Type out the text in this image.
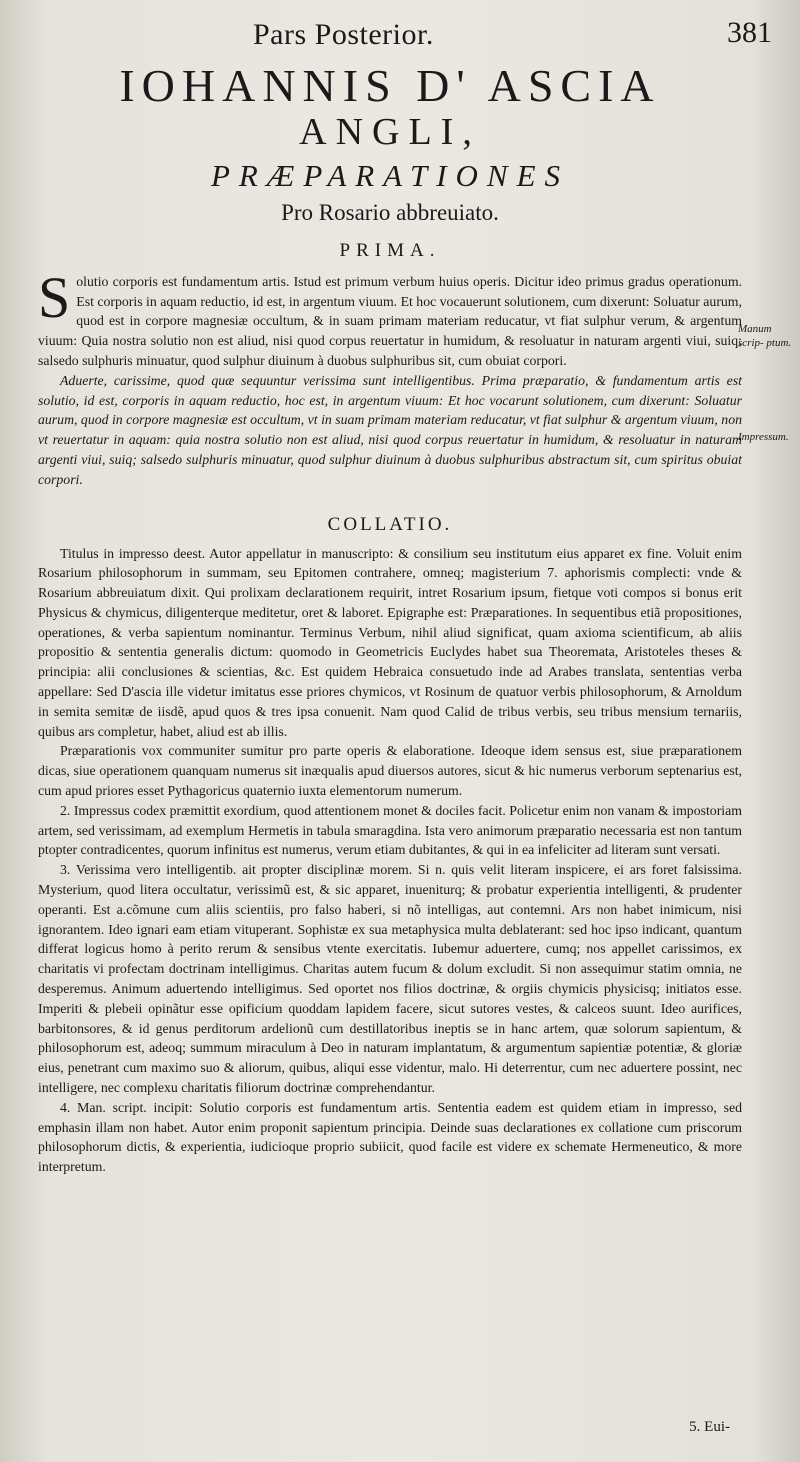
Pars Posterior.	381
IOHANNIS D' ASCIA
ANGLI,
PRÆPARATIONES
Pro Rosario abbreuiato.
PRIMA.

Solutio corporis est fundamentum artis. Istud est primum verbum huius operis. Dicitur ideo primus gradus operationum. Est corporis in aquam reductio, id est, in argentum viuum. Et hoc vocauerunt solutionem, cum dixerunt: Soluatur aurum, quod est in corpore magnesiæ occultum, & in suam primam materiam reducatur, vt fiat sulphur verum, & argentum viuum: Quia nostra solutio non est aliud, nisi quod corpus reuertatur in humidum, & resoluatur in naturam argenti viui, suiq; salsedo sulphuris minuatur, quod sulphur diuinum à duobus sulphuribus sit, cum obuiat corpori.

Aduerte, carissime, quod quæ sequuntur verissima sunt intelligentibus. Prima præparatio, & fundamentum artis est solutio, id est, corporis in aquam reductio, hoc est, in argentum viuum: Et hoc vocarunt solutionem, cum dixerunt: Soluatur aurum, quod in corpore magnesiæ est occultum, vt in suam primam materiam reducatur, vt fiat sulphur & argentum viuum, non vt reuertatur in aquam: quia nostra solutio non est aliud, nisi quod corpus reuertatur in humidum, & resoluatur in naturam argenti viui, suiq; salsedo sulphuris minuatur, quod sulphur diuinum à duobus sulphuribus abstractum sit, cum spiritus obuiat corpori.

Manum scrip- ptum.
Impressum.
COLLATIO.

Titulus in impresso deest. Autor appellatur in manuscripto: & consilium seu institutum eius apparet ex fine. Voluit enim Rosarium philosophorum in summam, seu Epitomen contrahere, omneq; magisterium 7. aphorismis complecti: vnde & Rosarium abbreuiatum dixit. Qui prolixam declarationem requirit, intret Rosarium ipsum, fietque voti compos si bonus erit Physicus & chymicus, diligenterque meditetur, oret & laboret. Epigraphe est: Præparationes. In sequentibus etiã propositiones, operationes, & verba sapientum nominantur. Terminus Verbum, nihil aliud significat, quam axioma scientificum, ab aliis propositio & sententia generalis dictum: quomodo in Geometricis Euclydes habet sua Theoremata, Aristoteles theses & principia: alii conclusiones & scientias, &c. Est quidem Hebraica consuetudo inde ad Arabes translata, sententias verba appellare: Sed D'ascia ille videtur imitatus esse priores chymicos, vt Rosinum de quatuor verbis philosophorum, & Arnoldum in semita semitæ de iisdẽ, apud quos & tres ipsa conuenit. Nam quod Calid de tribus verbis, seu tribus mensium ternariis, quibus ars completur, habet, aliud est ab illis.

Præparationis vox communiter sumitur pro parte operis & elaboratione. Ideoque idem sensus est, siue præparationem dicas, siue operationem quanquam numerus sit inæqualis apud diuersos autores, sicut & hic numerus verborum septenarius est, cum apud priores esset Pythagoricus quaternio iuxta elementorum numerum.

2. Impressus codex præmittit exordium, quod attentionem monet & dociles facit. Policetur enim non vanam & impostoriam artem, sed verissimam, ad exemplum Hermetis in tabula smaragdina. Ista vero animorum præparatio necessaria est non tantum ptopter contradicentes, quorum infinitus est numerus, verum etiam dubitantes, & qui in ea infeliciter ad literam sunt versati.

3. Verissima vero intelligentib. ait propter disciplinæ morem. Si n. quis velit literam inspicere, ei ars foret falsissima. Mysterium, quod litera occultatur, verissimũ est, & sic apparet, inueniturq; & probatur experientia intelligenti, & prudenter operanti. Est a.cõmune cum aliis scientiis, pro falso haberi, si nõ intelligas, aut contemni. Ars non habet inimicum, nisi ignorantem. Ideo ignari eam etiam vituperant. Sophistæ ex sua metaphysica multa deblaterant: sed hoc ipso indicant, quantum differat logicus homo à perito rerum & sensibus vtente exercitatis. Iubemur aduertere, cumq; nos appellet carissimos, ex charitatis vi profectam doctrinam intelligimus. Charitas autem fucum & dolum excludit. Si non assequimur statim omnia, ne desperemus. Animum aduertendo intelligimus. Sed oportet nos filios doctrinæ, & orgiis chymicis physicisq; initiatos esse. Imperiti & plebeii opinãtur esse opificium quoddam lapidem facere, sicut sutores vestes, & calceos suunt. Ideo aurifices, barbitonsores, & id genus perditorum ardelionũ cum destillatoribus ineptis se in hanc artem, quæ solorum sapientum, & philosophorum est, adeoq; summum miraculum à Deo in naturam implantatum, & argumentum sapientiæ potentiæ, & gloriæ eius, penetrant cum maximo suo & aliorum, quibus, aliqui esse videntur, malo. Hi deterrentur, cum nec aduertere possint, nec intelligere, nec complexu charitatis filiorum doctrinæ comprehendantur.

4. Man. script. incipit: Solutio corporis est fundamentum artis. Sententia eadem est quidem etiam in impresso, sed emphasin illam non habet. Autor enim proponit sapientum principia. Deinde suas declarationes ex collatione cum priscorum philosophorum dictis, & experientia, iudicioque proprio subiicit, quod facile est videre ex schemate Hermeneutico, & more interpretum.

5. Eui-
